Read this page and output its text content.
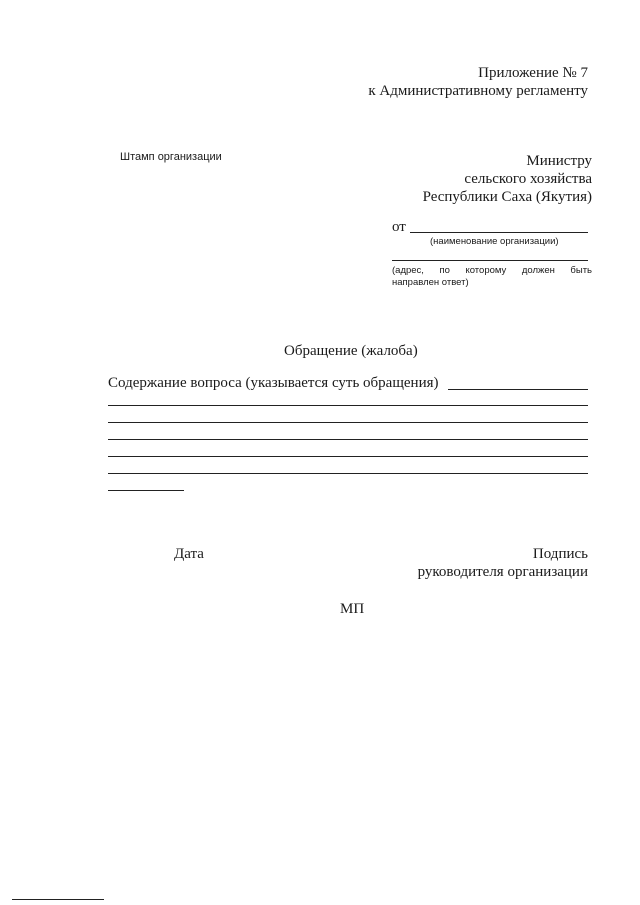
Приложение № 7
к Административному регламенту
Штамп организации	Министру
сельского хозяйства
Республики Саха (Якутия)
от
(наименование организации)
(адрес, по которому должен быть
направлен ответ)
Обращение (жалоба)
Содержание вопроса (указывается суть обращения)
Дата	Подпись
руководителя организации
МП
